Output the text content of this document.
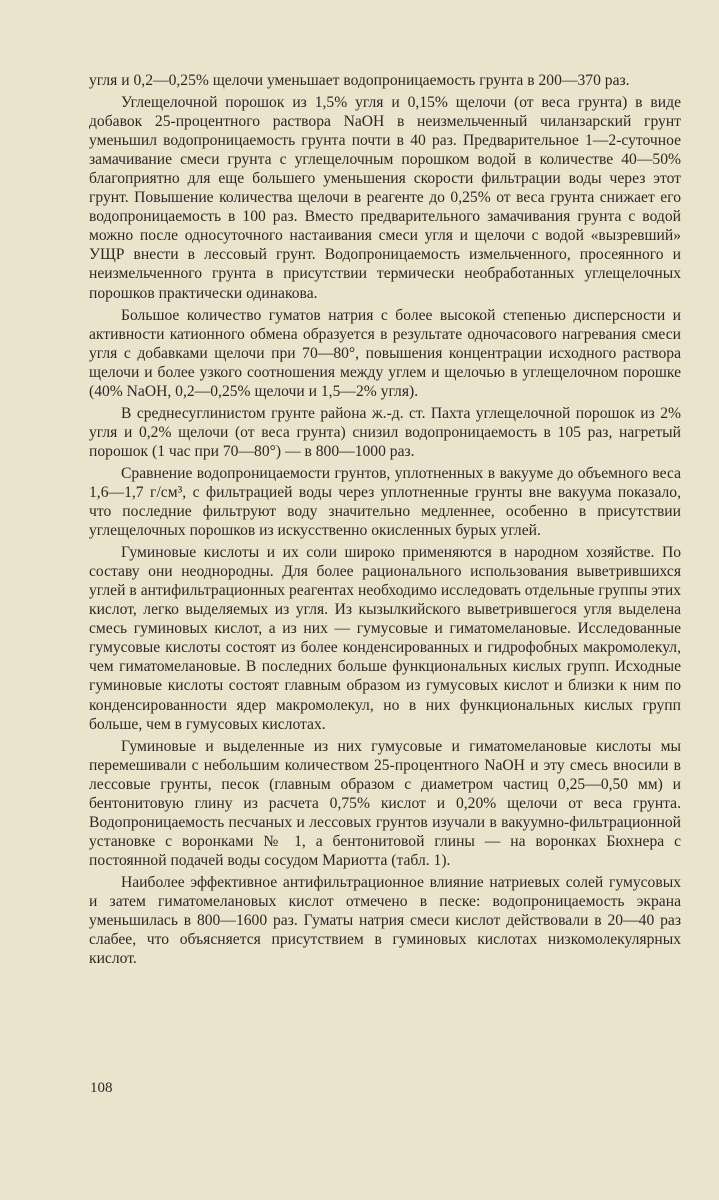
угля и 0,2—0,25% щелочи уменьшает водопроницаемость грунта в 200—370 раз.

Углещелочной порошок из 1,5% угля и 0,15% щелочи (от веса грунта) в виде добавок 25-процентного раствора NaOH в неизмельченный чиланзарский грунт уменьшил водопроницаемость грунта почти в 40 раз. Предварительное 1—2-суточное замачивание смеси грунта с углещелочным порошком водой в количестве 40—50% благоприятно для еще большего уменьшения скорости фильтрации воды через этот грунт. Повышение количества щелочи в реагенте до 0,25% от веса грунта снижает его водопроницаемость в 100 раз. Вместо предварительного замачивания грунта с водой можно после односуточного настаивания смеси угля и щелочи с водой «вызревший» УЩР внести в лессовый грунт. Водопроницаемость измельченного, просеянного и неизмельченного грунта в присутствии термически необработанных углещелочных порошков практически одинакова.

Большое количество гуматов натрия с более высокой степенью дисперсности и активности катионного обмена образуется в результате одночасового нагревания смеси угля с добавками щелочи при 70—80°, повышения концентрации исходного раствора щелочи и более узкого соотношения между углем и щелочью в углещелочном порошке (40% NaOH, 0,2—0,25% щелочи и 1,5—2% угля).

В среднесуглинистом грунте района ж.-д. ст. Пахта углещелочной порошок из 2% угля и 0,2% щелочи (от веса грунта) снизил водопроницаемость в 105 раз, нагретый порошок (1 час при 70—80°) — в 800—1000 раз.

Сравнение водопроницаемости грунтов, уплотненных в вакууме до объемного веса 1,6—1,7 г/см³, с фильтрацией воды через уплотненные грунты вне вакуума показало, что последние фильтруют воду значительно медленнее, особенно в присутствии углещелочных порошков из искусственно окисленных бурых углей.

Гуминовые кислоты и их соли широко применяются в народном хозяйстве. По составу они неоднородны. Для более рационального использования выветрившихся углей в антифильтрационных реагентах необходимо исследовать отдельные группы этих кислот, легко выделяемых из угля. Из кызылкийского выветрившегося угля выделена смесь гуминовых кислот, а из них — гумусовые и гиматомелановые. Исследованные гумусовые кислоты состоят из более конденсированных и гидрофобных макромолекул, чем гиматомелановые. В последних больше функциональных кислых групп. Исходные гуминовые кислоты состоят главным образом из гумусовых кислот и близки к ним по конденсированности ядер макромолекул, но в них функциональных кислых групп больше, чем в гумусовых кислотах.

Гуминовые и выделенные из них гумусовые и гиматомелановые кислоты мы перемешивали с небольшим количеством 25-процентного NaOH и эту смесь вносили в лессовые грунты, песок (главным образом с диаметром частиц 0,25—0,50 мм) и бентонитовую глину из расчета 0,75% кислот и 0,20% щелочи от веса грунта. Водопроницаемость песчаных и лессовых грунтов изучали в вакуумно-фильтрационной установке с воронками № 1, а бентонитовой глины — на воронках Бюхнера с постоянной подачей воды сосудом Мариотта (табл. 1).

Наиболее эффективное антифильтрационное влияние натриевых солей гумусовых и затем гиматомелановых кислот отмечено в песке: водопроницаемость экрана уменьшилась в 800—1600 раз. Гуматы натрия смеси кислот действовали в 20—40 раз слабее, что объясняется присутствием в гуминовых кислотах низкомолекулярных кислот.

108
